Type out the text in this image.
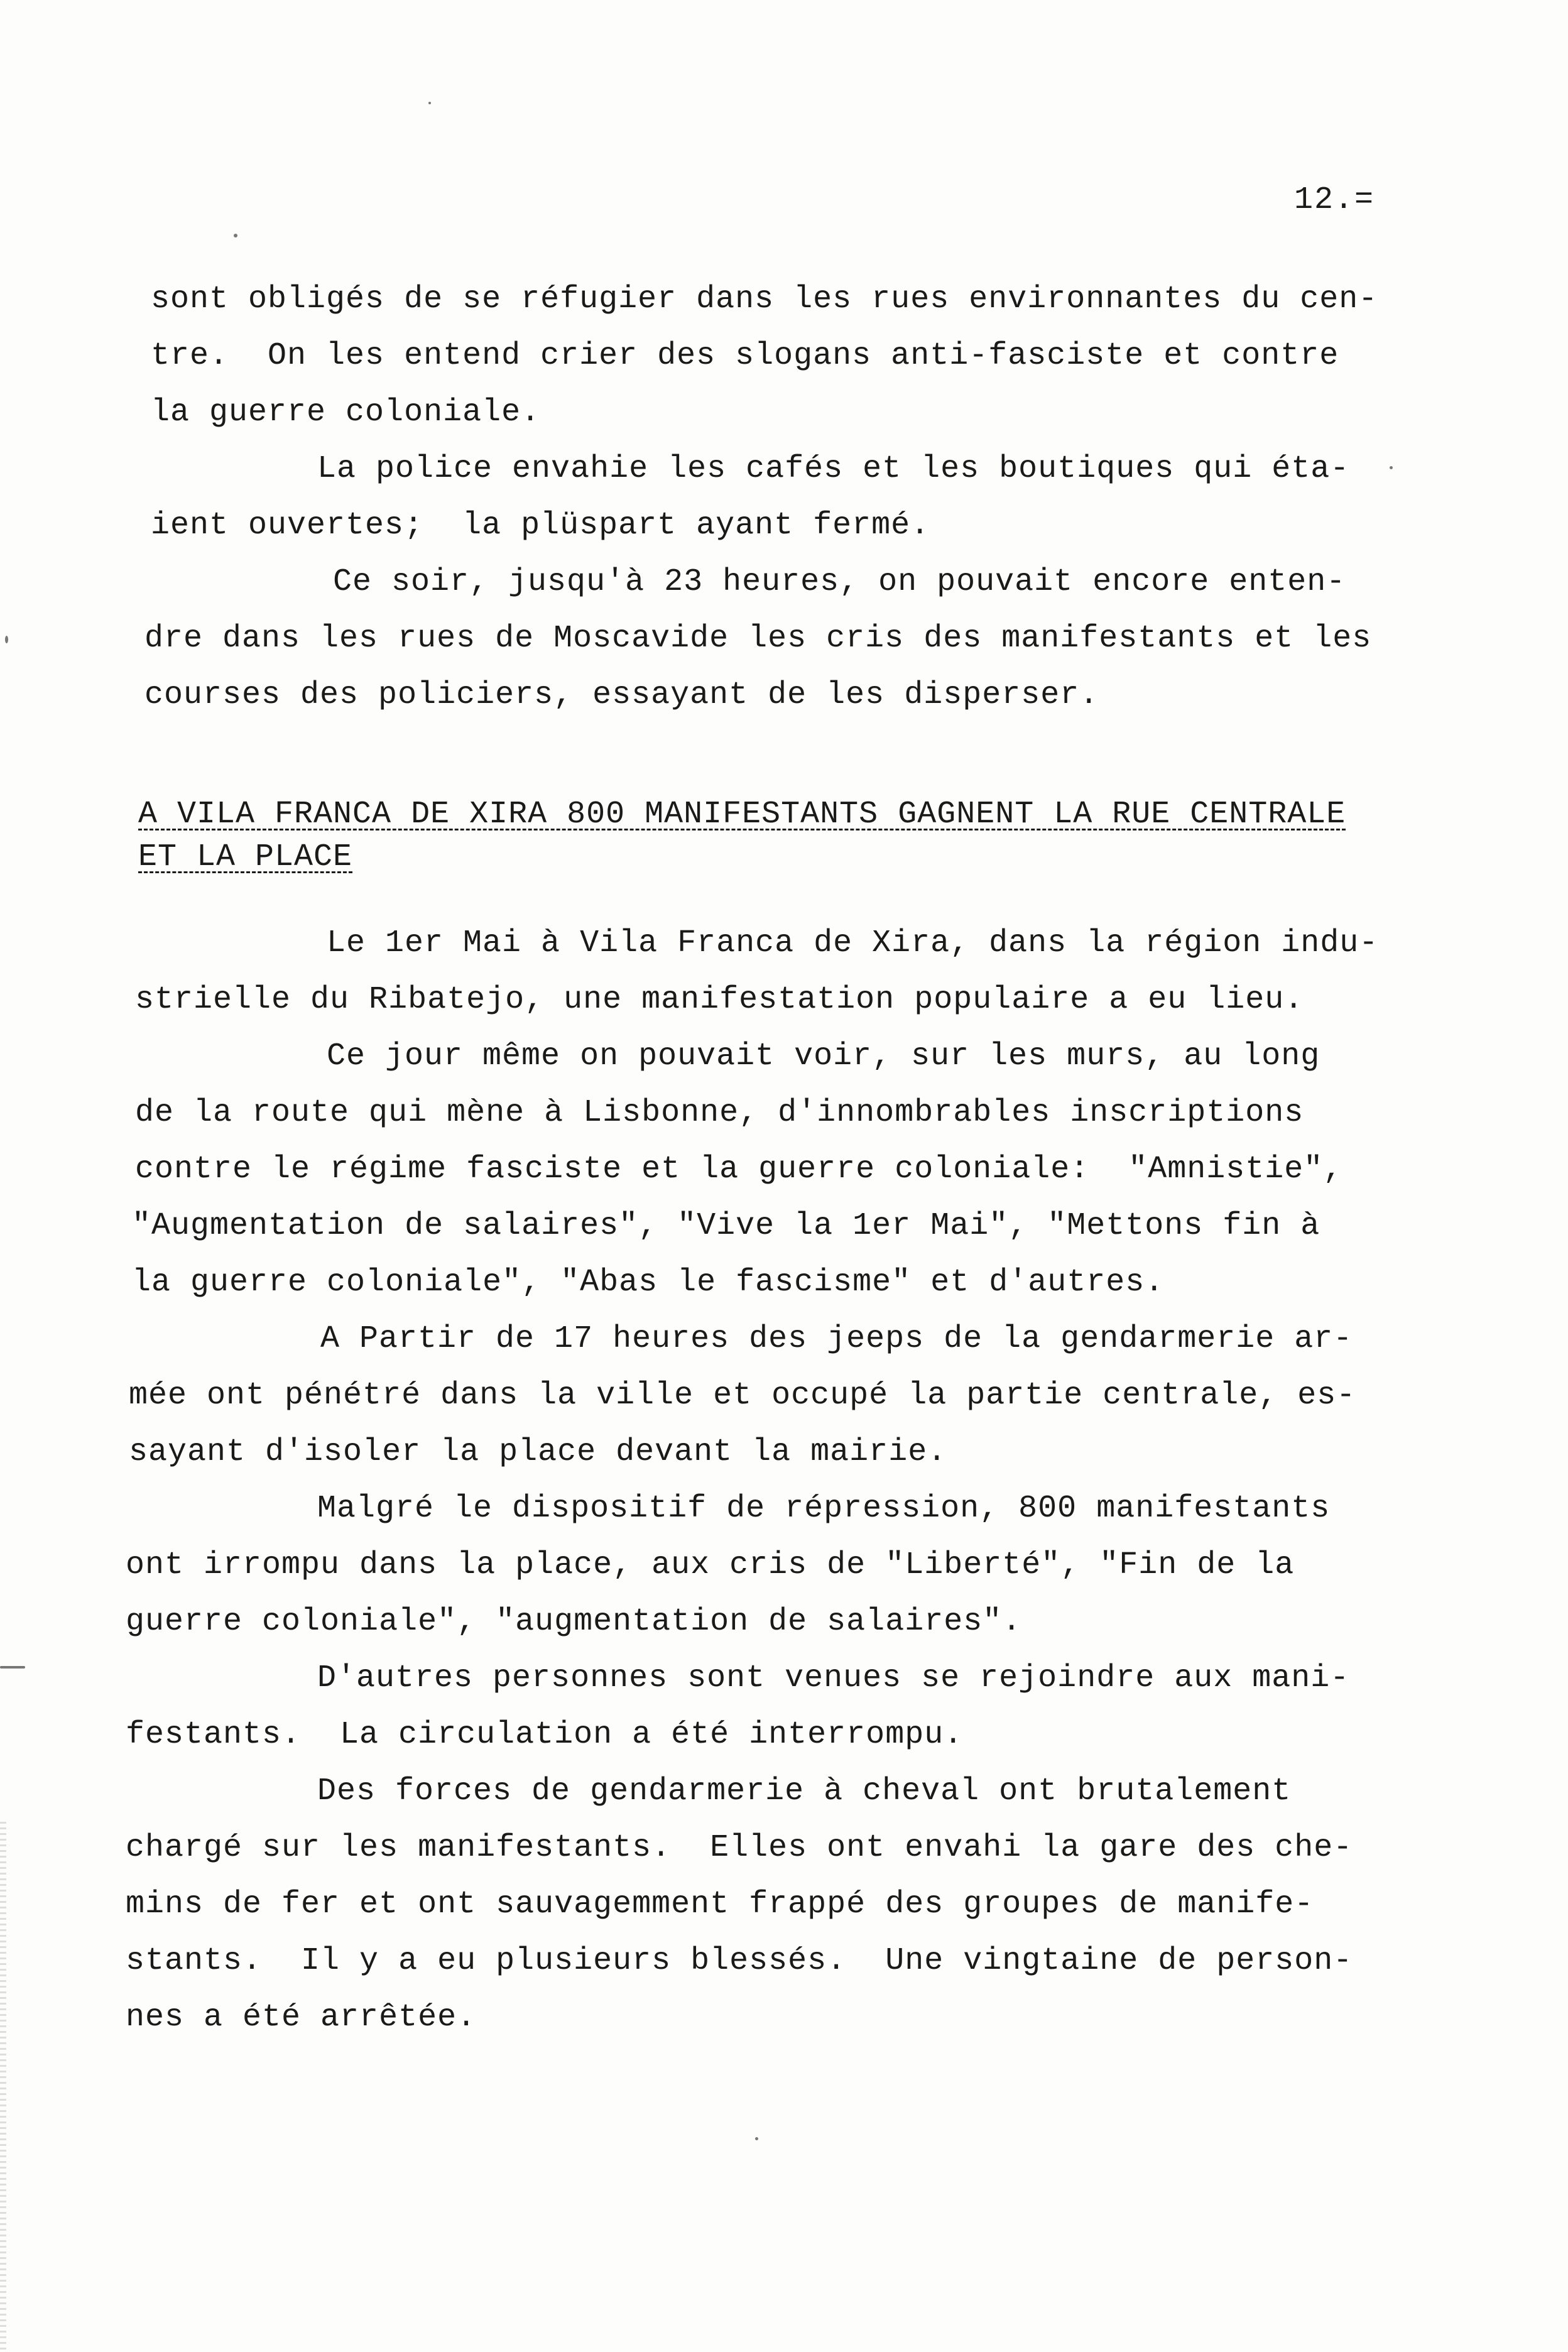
12.=
sont obligés de se réfugier dans les rues environnantes du cen-
tre.  On les entend crier des slogans anti-fasciste et contre
la guerre coloniale.
La police envahie les cafés et les boutiques qui éta-
ient ouvertes;  la plüspart ayant fermé.
Ce soir, jusqu'à 23 heures, on pouvait encore enten-
dre dans les rues de Moscavide les cris des manifestants et les
courses des policiers, essayant de les disperser.
A VILA FRANCA DE XIRA 800 MANIFESTANTS GAGNENT LA RUE CENTRALE
ET LA PLACE
Le 1er Mai à Vila Franca de Xira, dans la région indu-
strielle du Ribatejo, une manifestation populaire a eu lieu.
Ce jour même on pouvait voir, sur les murs, au long
de la route qui mène à Lisbonne, d'innombrables inscriptions
contre le régime fasciste et la guerre coloniale:  "Amnistie",
"Augmentation de salaires", "Vive la 1er Mai", "Mettons fin à
la guerre coloniale", "Abas le fascisme" et d'autres.
A Partir de 17 heures des jeeps de la gendarmerie ar-
mée ont pénétré dans la ville et occupé la partie centrale, es-
sayant d'isoler la place devant la mairie.
Malgré le dispositif de répression, 800 manifestants
ont irrompu dans la place, aux cris de "Liberté", "Fin de la
guerre coloniale", "augmentation de salaires".
D'autres personnes sont venues se rejoindre aux mani-
festants.  La circulation a été interrompu.
Des forces de gendarmerie à cheval ont brutalement
chargé sur les manifestants.  Elles ont envahi la gare des che-
mins de fer et ont sauvagemment frappé des groupes de manife-
stants.  Il y a eu plusieurs blessés.  Une vingtaine de person-
nes a été arrêtée.
